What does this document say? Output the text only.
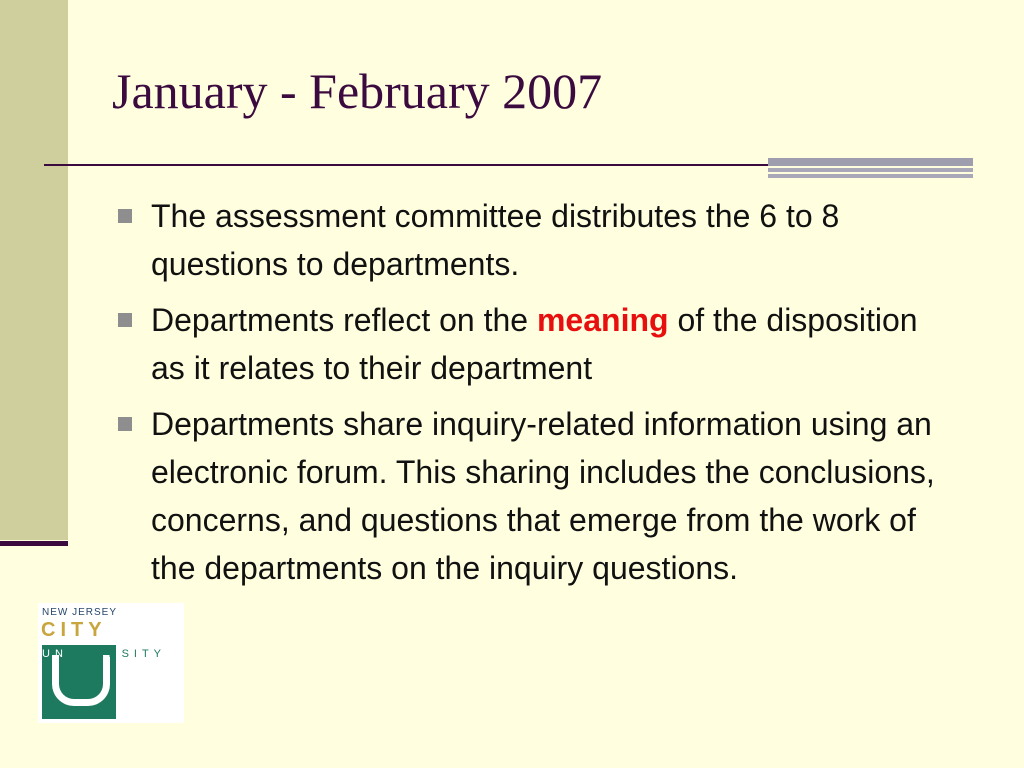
January - February 2007
The assessment committee distributes the 6 to 8 questions to departments.
Departments reflect on the meaning of the disposition as it relates to their department
Departments share inquiry-related information using an electronic forum. This sharing includes the conclusions, concerns, and questions that emerge from the work of the departments on the inquiry questions.
NEW JERSEY
CITY
UN IVERSITY
